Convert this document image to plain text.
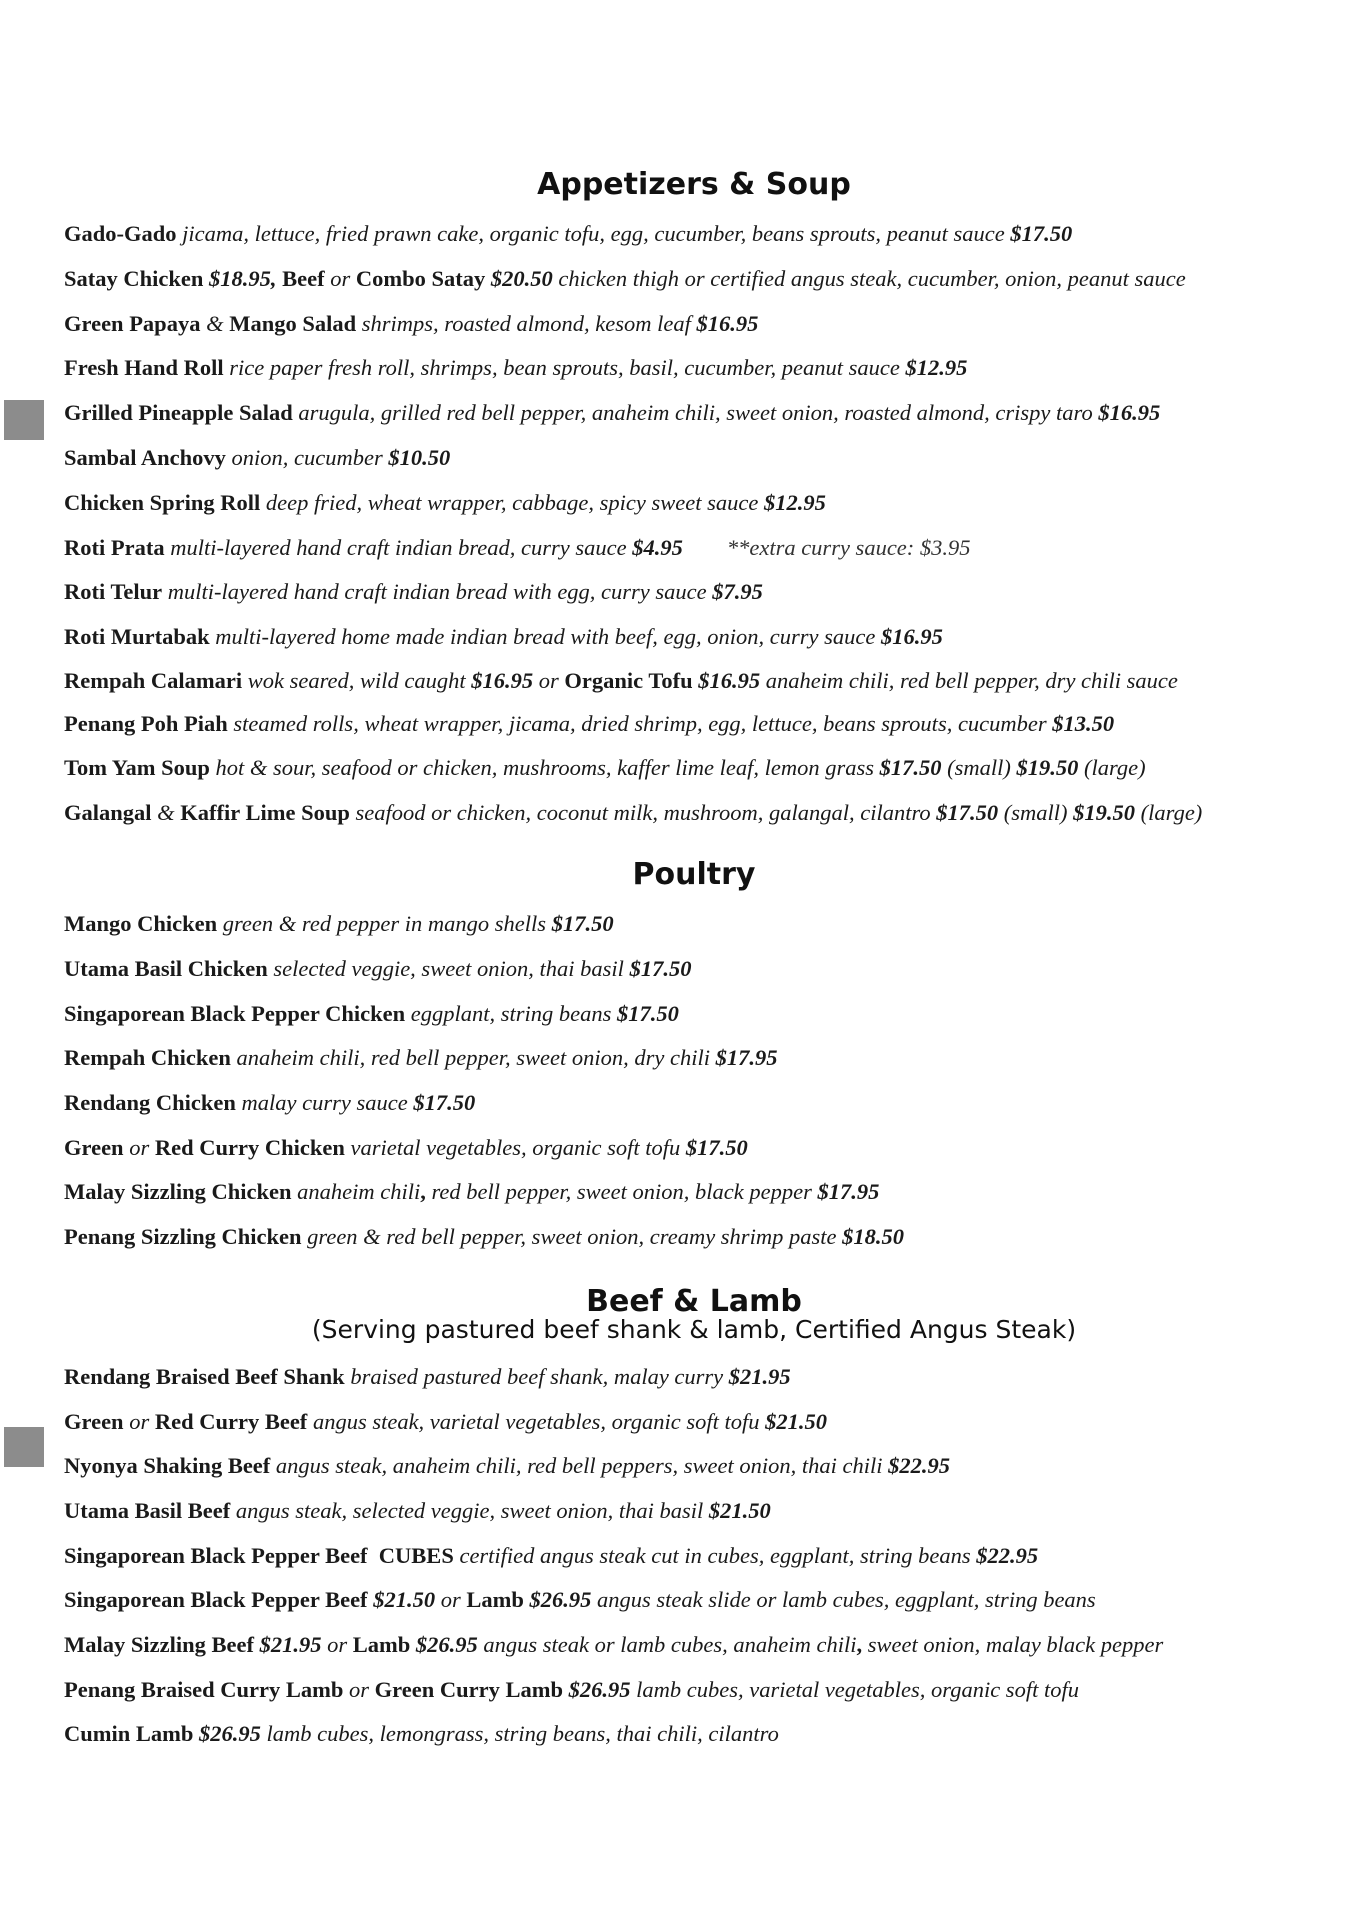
Appetizers & Soup
Gado-Gado jicama, lettuce, fried prawn cake, organic tofu, egg, cucumber, beans sprouts, peanut sauce $17.50
Satay Chicken $18.95, Beef or Combo Satay $20.50 chicken thigh or certified angus steak, cucumber, onion, peanut sauce
Green Papaya & Mango Salad shrimps, roasted almond, kesom leaf $16.95
Fresh Hand Roll rice paper fresh roll, shrimps, bean sprouts, basil, cucumber, peanut sauce $12.95
Grilled Pineapple Salad arugula, grilled red bell pepper, anaheim chili, sweet onion, roasted almond, crispy taro $16.95
Sambal Anchovy onion, cucumber $10.50
Chicken Spring Roll deep fried, wheat wrapper, cabbage, spicy sweet sauce $12.95
Roti Prata multi-layered hand craft indian bread, curry sauce $4.95 **extra curry sauce: $3.95
Roti Telur multi-layered hand craft indian bread with egg, curry sauce $7.95
Roti Murtabak multi-layered home made indian bread with beef, egg, onion, curry sauce $16.95
Rempah Calamari wok seared, wild caught $16.95 or Organic Tofu $16.95 anaheim chili, red bell pepper, dry chili sauce
Penang Poh Piah steamed rolls, wheat wrapper, jicama, dried shrimp, egg, lettuce, beans sprouts, cucumber $13.50
Tom Yam Soup hot & sour, seafood or chicken, mushrooms, kaffer lime leaf, lemon grass $17.50 (small) $19.50 (large)
Galangal & Kaffir Lime Soup seafood or chicken, coconut milk, mushroom, galangal, cilantro $17.50 (small) $19.50 (large)
Poultry
Mango Chicken green & red pepper in mango shells $17.50
Utama Basil Chicken selected veggie, sweet onion, thai basil $17.50
Singaporean Black Pepper Chicken eggplant, string beans $17.50
Rempah Chicken anaheim chili, red bell pepper, sweet onion, dry chili $17.95
Rendang Chicken malay curry sauce $17.50
Green or Red Curry Chicken varietal vegetables, organic soft tofu $17.50
Malay Sizzling Chicken anaheim chili, red bell pepper, sweet onion, black pepper $17.95
Penang Sizzling Chicken green & red bell pepper, sweet onion, creamy shrimp paste $18.50
Beef & Lamb
(Serving pastured beef shank & lamb, Certified Angus Steak)
Rendang Braised Beef Shank braised pastured beef shank, malay curry $21.95
Green or Red Curry Beef angus steak, varietal vegetables, organic soft tofu $21.50
Nyonya Shaking Beef angus steak, anaheim chili, red bell peppers, sweet onion, thai chili $22.95
Utama Basil Beef angus steak, selected veggie, sweet onion, thai basil $21.50
Singaporean Black Pepper Beef  CUBES certified angus steak cut in cubes, eggplant, string beans $22.95
Singaporean Black Pepper Beef $21.50 or Lamb $26.95 angus steak slide or lamb cubes, eggplant, string beans
Malay Sizzling Beef $21.95 or Lamb $26.95 angus steak or lamb cubes, anaheim chili, sweet onion, malay black pepper
Penang Braised Curry Lamb or Green Curry Lamb $26.95 lamb cubes, varietal vegetables, organic soft tofu
Cumin Lamb $26.95 lamb cubes, lemongrass, string beans, thai chili, cilantro
